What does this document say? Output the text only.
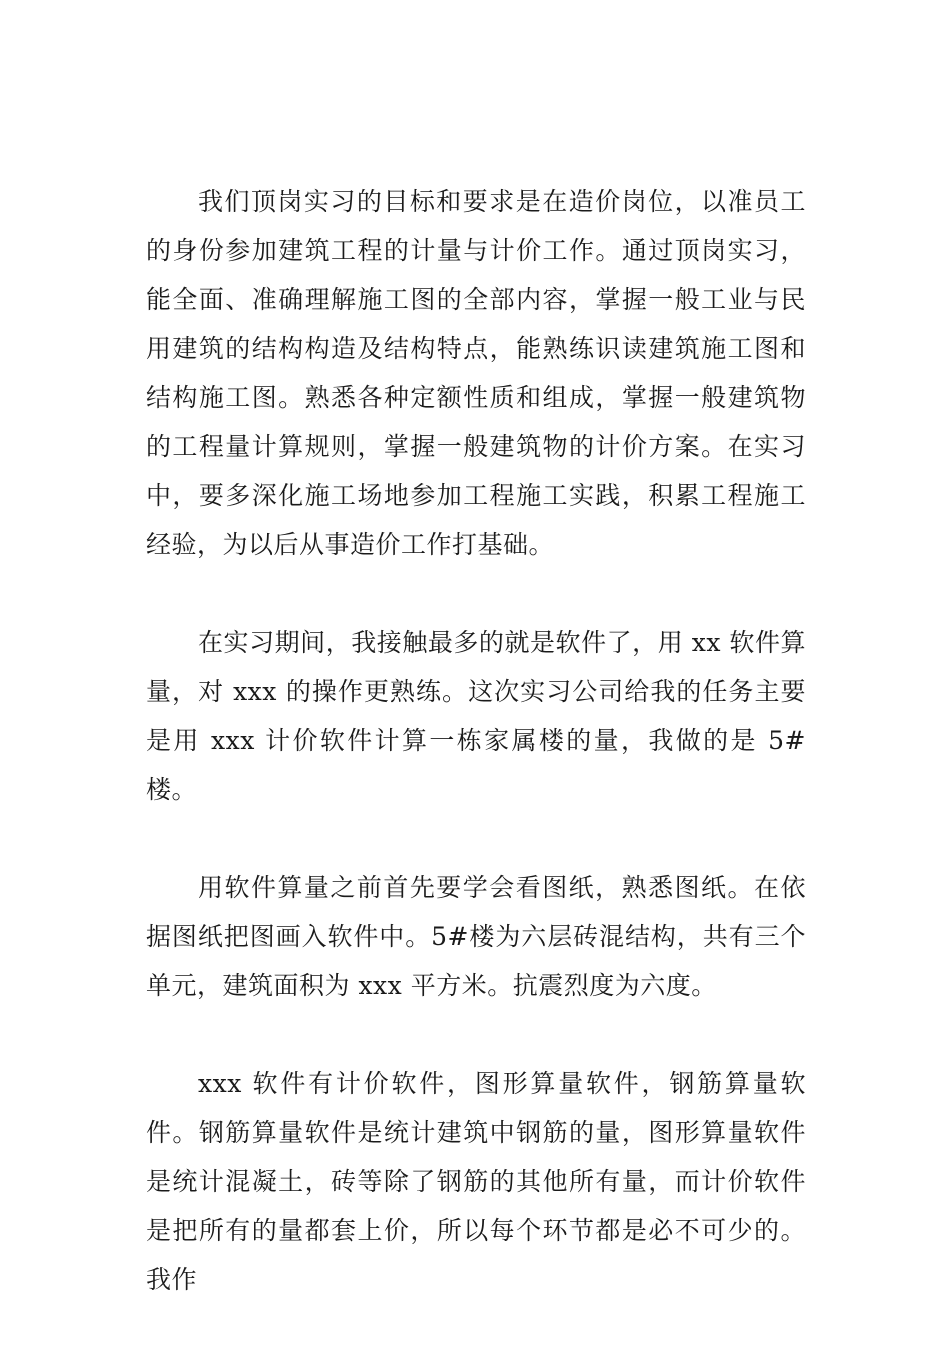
我们顶岗实习的目标和要求是在造价岗位，以准员工的身份参加建筑工程的计量与计价工作。通过顶岗实习，能全面、准确理解施工图的全部内容，掌握一般工业与民用建筑的结构构造及结构特点，能熟练识读建筑施工图和结构施工图。熟悉各种定额性质和组成，掌握一般建筑物的工程量计算规则，掌握一般建筑物的计价方案。在实习中，要多深化施工场地参加工程施工实践，积累工程施工经验，为以后从事造价工作打基础。

在实习期间，我接触最多的就是软件了，用 xx 软件算量，对 xxx 的操作更熟练。这次实习公司给我的任务主要是用 xxx 计价软件计算一栋家属楼的量，我做的是 5#楼。

用软件算量之前首先要学会看图纸，熟悉图纸。在依据图纸把图画入软件中。5#楼为六层砖混结构，共有三个单元，建筑面积为 xxx 平方米。抗震烈度为六度。

xxx 软件有计价软件，图形算量软件，钢筋算量软件。钢筋算量软件是统计建筑中钢筋的量，图形算量软件是统计混凝土，砖等除了钢筋的其他所有量，而计价软件是把所有的量都套上价，所以每个环节都是必不可少的。我作
